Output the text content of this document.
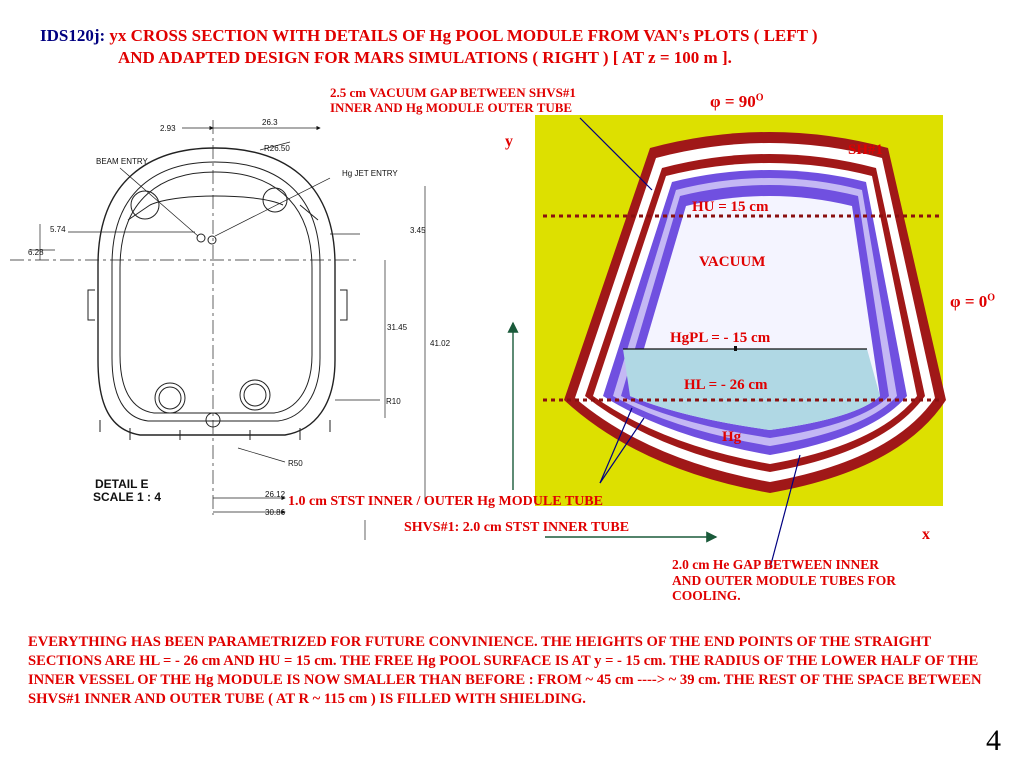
IDS120j: yx CROSS SECTION WITH DETAILS OF Hg POOL MODULE FROM VAN's PLOTS ( LEFT )
AND ADAPTED DESIGN FOR MARS SIMULATIONS ( RIGHT ) [ AT z = 100 m ].
2.93
26.3
R26.50
BEAM ENTRY
Hg JET ENTRY
5.74
6.28
3.45
31.45
41.02
R10
R50
26.12
30.86
DETAIL E
SCALE 1 : 4
2.5 cm VACUUM GAP BETWEEN SHVS#1
INNER AND Hg MODULE OUTER TUBE	$\varphi = 90^O$
$\varphi = 0^O$
y
x
SH#1
HU = 15 cm
VACUUM
HgPL = - 15 cm
HL = - 26 cm
Hg
1.0 cm STST INNER / OUTER Hg MODULE TUBE
SHVS#1: 2.0 cm STST INNER TUBE
2.0 cm He GAP BETWEEN INNER
AND OUTER MODULE TUBES FOR
COOLING.
EVERYTHING HAS BEEN PARAMETRIZED FOR FUTURE CONVINIENCE. THE HEIGHTS OF THE END POINTS OF THE STRAIGHT SECTIONS ARE HL = - 26 cm AND HU = 15 cm. THE FREE Hg POOL SURFACE IS AT y = - 15 cm. THE RADIUS OF THE LOWER HALF OF THE INNER VESSEL OF THE Hg MODULE IS NOW SMALLER THAN BEFORE : FROM ~ 45 cm ----> ~ 39 cm. THE REST OF THE SPACE BETWEEN SHVS#1 INNER AND OUTER TUBE ( AT R ~ 115 cm ) IS FILLED WITH SHIELDING.
4
